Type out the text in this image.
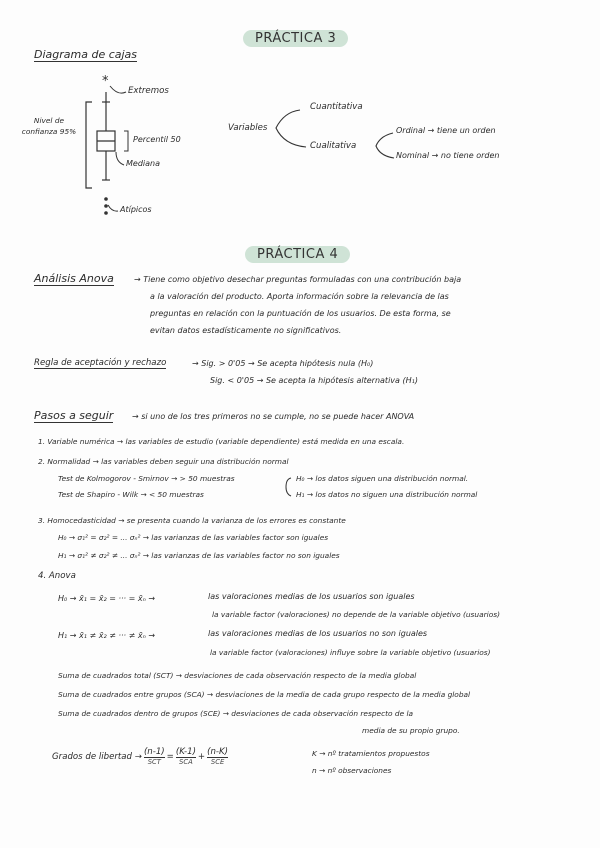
PRÁCTICA 3
Diagrama de cajas
*
Extremos
Percentil 50
Mediana
Atípicos
Nivel de confianza 95%	Variables
Cuantitativa
Cualitativa
Ordinal → tiene un orden
Nominal → no tiene orden
PRÁCTICA 4
Análisis Anova	→ Tiene como objetivo desechar preguntas formuladas con una contribución baja
a la valoración del producto. Aporta información sobre la relevancia de las
preguntas en relación con la puntuación de los usuarios. De esta forma, se
evitan datos estadísticamente no significativos.
Regla de aceptación y rechazo	→ Sig. > 0'05 → Se acepta hipótesis nula (H₀)
Sig. < 0'05 → Se acepta la hipótesis alternativa (H₁)
Pasos a seguir → si uno de los tres primeros no se cumple, no se puede hacer ANOVA
1. Variable numérica → las variables de estudio (variable dependiente) está medida en una escala.
2. Normalidad → las variables deben seguir una distribución normal
Test de Kolmogorov - Smirnov → > 50 muestras
Test de Shapiro - Wilk → < 50 muestras
H₀ → los datos siguen una distribución normal.
H₁ → los datos no siguen una distribución normal
3. Homocedasticidad → se presenta cuando la varianza de los errores es constante
H₀ → σ₁² = σ₂² = ... σₙ² → las varianzas de las variables factor son iguales
H₁ → σ₁² ≠ σ₂² ≠ ... σₙ² → las varianzas de las variables factor no son iguales
4. Anova
H₀ → x̄₁ = x̄₂ = ··· = x̄ₙ →	las valoraciones medias de los usuarios son iguales
la variable factor (valoraciones) no depende de la variable objetivo (usuarios)
H₁ → x̄₁ ≠ x̄₂ ≠ ··· ≠ x̄ₙ →	las valoraciones medias de los usuarios no son iguales
la variable factor (valoraciones) influye sobre la variable objetivo (usuarios)
Suma de cuadrados total (SCT) → desviaciones de cada observación respecto de la media global
Suma de cuadrados entre grupos (SCA) → desviaciones de la media de cada grupo respecto de la media global
Suma de cuadrados dentro de grupos (SCE) → desviaciones de cada observación respecto de la
media de su propio grupo.
Grados de libertad → $\frac{(n-1)}{\text{SCT}} = \frac{(K-1)}{\text{SCA}} + \frac{(n-K)}{\text{SCE}}$	K → nº tratamientos propuestos
n → nº observaciones
